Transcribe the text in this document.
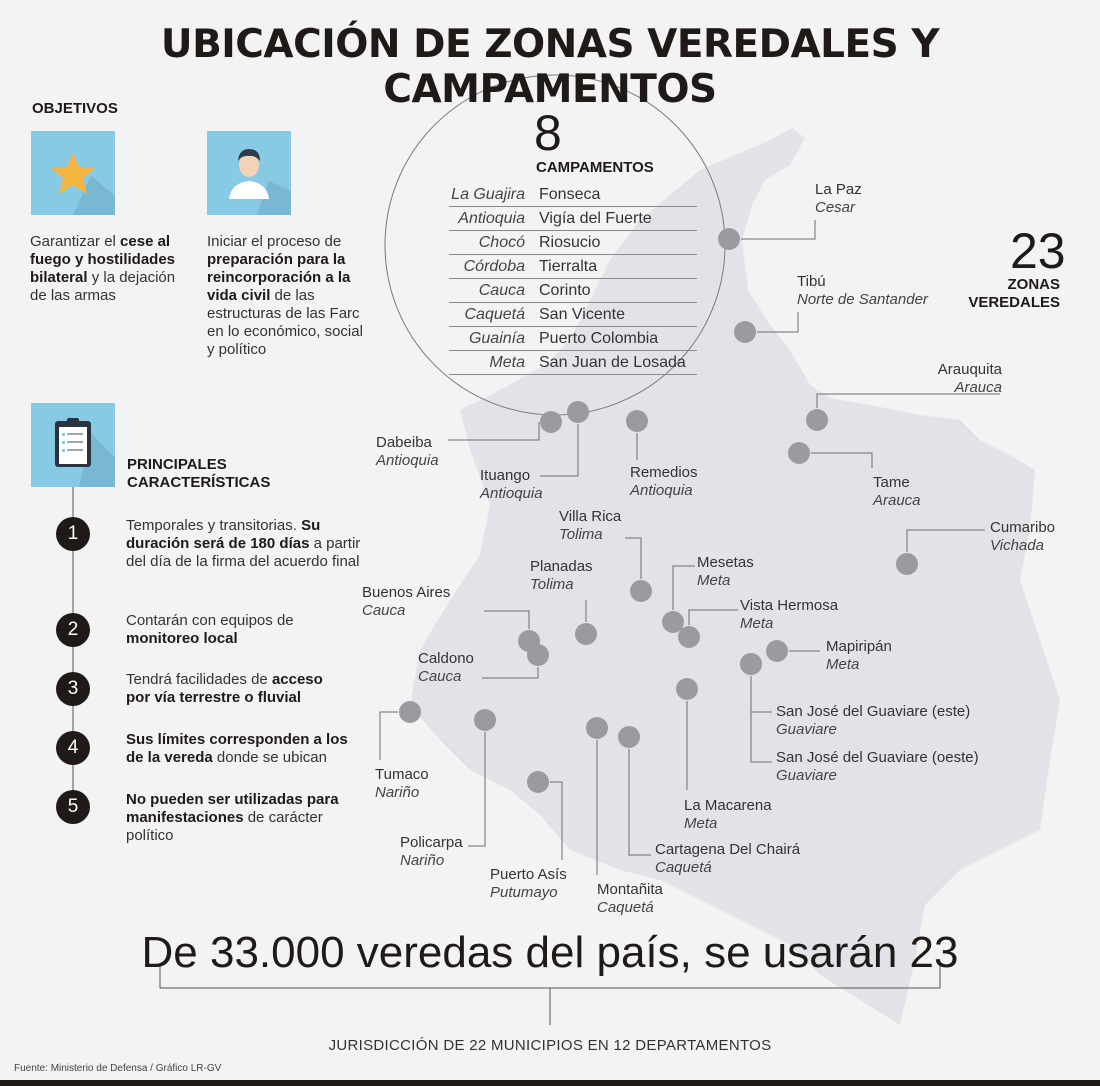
UBICACIÓN DE ZONAS VEREDALES Y CAMPAMENTOS
OBJETIVOS
Garantizar el cese al fuego y hostilidades bilateral y la dejación de las armas
Iniciar el proceso de preparación para la reincorporación a la vida civil de las estructuras de las Farc en lo económico, social y político
PRINCIPALES CARACTERÍSTICAS
1	Temporales y transitorias. Su duración será de 180 días a partir del día de la firma del acuerdo final
2	Contarán con equipos de monitoreo local
3	Tendrá facilidades de acceso por vía terrestre o fluvial
4	Sus límites corresponden a los de la vereda donde se ubican
5	No pueden ser utilizadas para manifestaciones de carácter político
8
CAMPAMENTOS
La Guajira Fonseca
Antioquia Vigía del Fuerte
Chocó Riosucio
Córdoba Tierralta
Cauca Corinto
Caquetá San Vicente
Guainía Puerto Colombia
Meta San Juan de Losada
23
ZONAS
VEREDALES
La Paz
Cesar
Tibú
Norte de Santander
Arauquita
Arauca
Tame
Arauca
Cumaribo
Vichada
Dabeiba
Antioquia
Ituango
Antioquia
Remedios
Antioquia
Villa Rica
Tolima
Planadas
Tolima
Mesetas
Meta
Vista Hermosa
Meta
Buenos Aires
Cauca
Caldono
Cauca
Mapiripán
Meta
San José del Guaviare (este)
Guaviare
San José del Guaviare (oeste)
Guaviare
Tumaco
Nariño
La Macarena
Meta
Policarpa
Nariño
Cartagena Del Chairá
Caquetá
Puerto Asís
Putumayo	Montañita
Caquetá
De 33.000 veredas del país, se usarán 23
JURISDICCIÓN DE 22 MUNICIPIOS EN 12 DEPARTAMENTOS
Fuente: Ministerio de Defensa / Gráfico LR-GV
